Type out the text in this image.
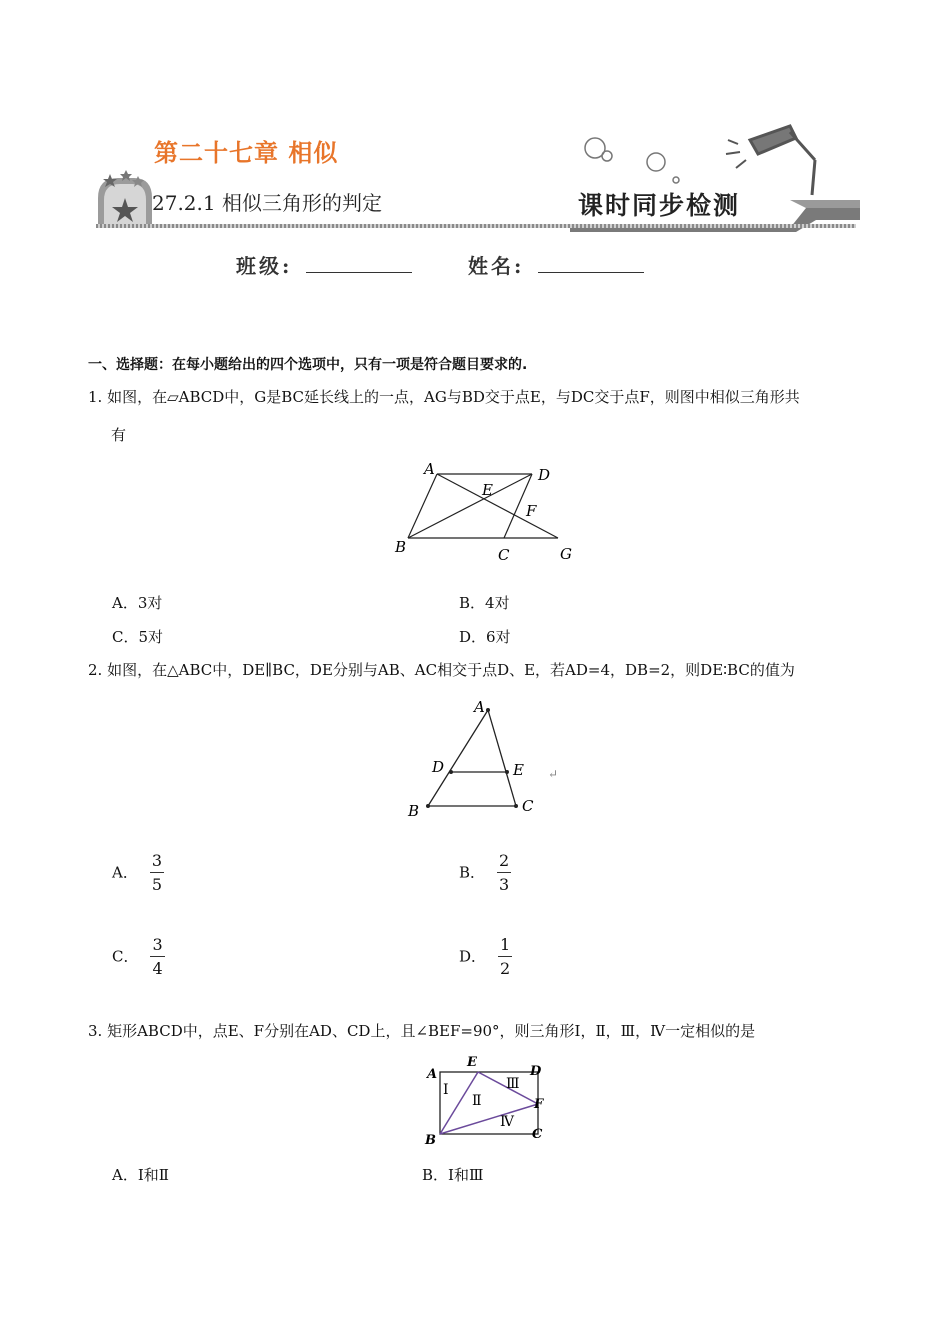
第二十七章 相似
27.2.1 相似三角形的判定	课时同步检测
班级:	姓名:
一、选择题：在每小题给出的四个选项中，只有一项是符合题目要求的.
1. 如图，在▱ABCD中，G是BC延长线上的一点，AG与BD交于点E，与DC交于点F，则图中相似三角形共
有
A	D
E
F
B	C	G
A．3对	B．4对
C．5对	D．6对
2. 如图，在△ABC中，DE∥BC，DE分别与AB、AC相交于点D、E，若AD=4，DB=2，则DE∶BC的值为
A
D	E
B	C
↵
A． $\frac{3}{5}$	B． $\frac{2}{3}$
C． $\frac{3}{4}$	D． $\frac{1}{2}$
3. 矩形ABCD中，点E、F分别在AD、CD上，且∠BEF=90°，则三角形Ⅰ，Ⅱ，Ⅲ，Ⅳ一定相似的是
E
A	D
Ⅰ	Ⅲ
Ⅱ	F
Ⅳ
B	C
A．Ⅰ和Ⅱ	B．Ⅰ和Ⅲ
